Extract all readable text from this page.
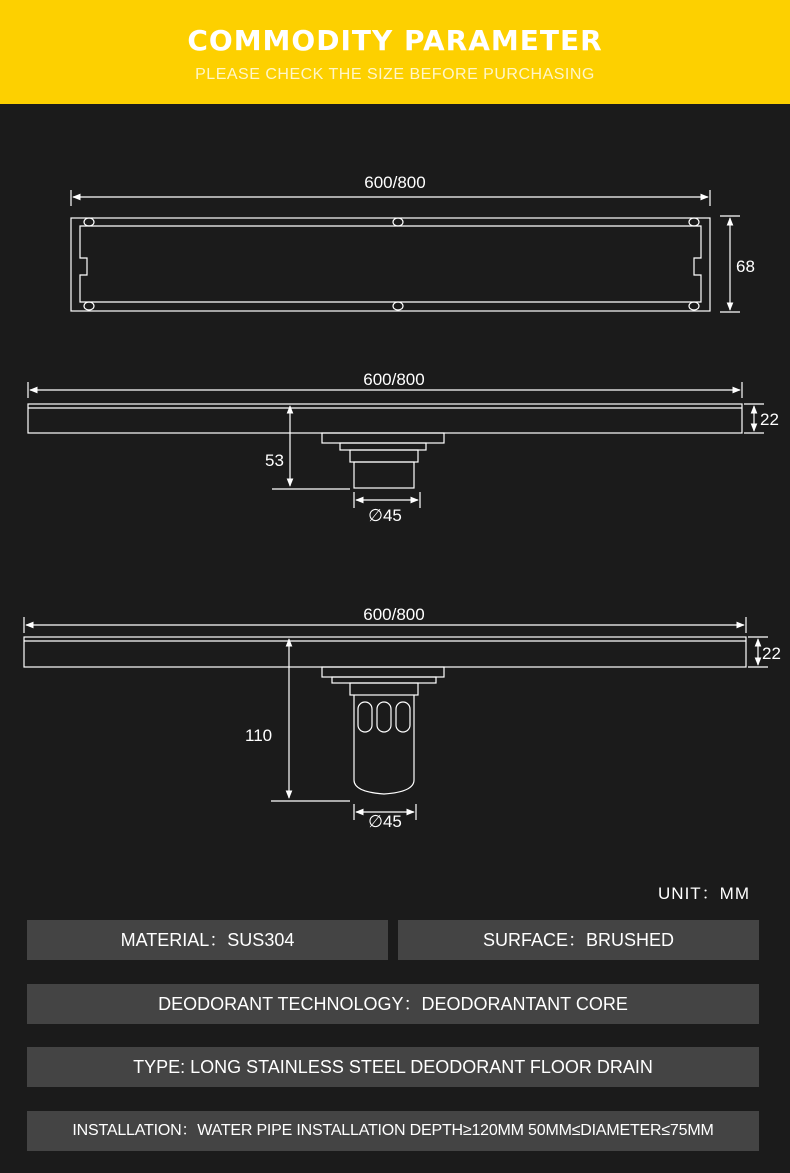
COMMODITY PARAMETER
PLEASE CHECK THE SIZE BEFORE PURCHASING
600/800
68
600/800
22
53
∅45
600/800
22
110
∅45
UNIT：MM
MATERIAL：SUS304	SURFACE：BRUSHED
DEODORANT TECHNOLOGY：DEODORANTANT CORE
TYPE: LONG STAINLESS STEEL DEODORANT FLOOR DRAIN
INSTALLATION：WATER PIPE INSTALLATION DEPTH≥120MM 50MM≤DIAMETER≤75MM
